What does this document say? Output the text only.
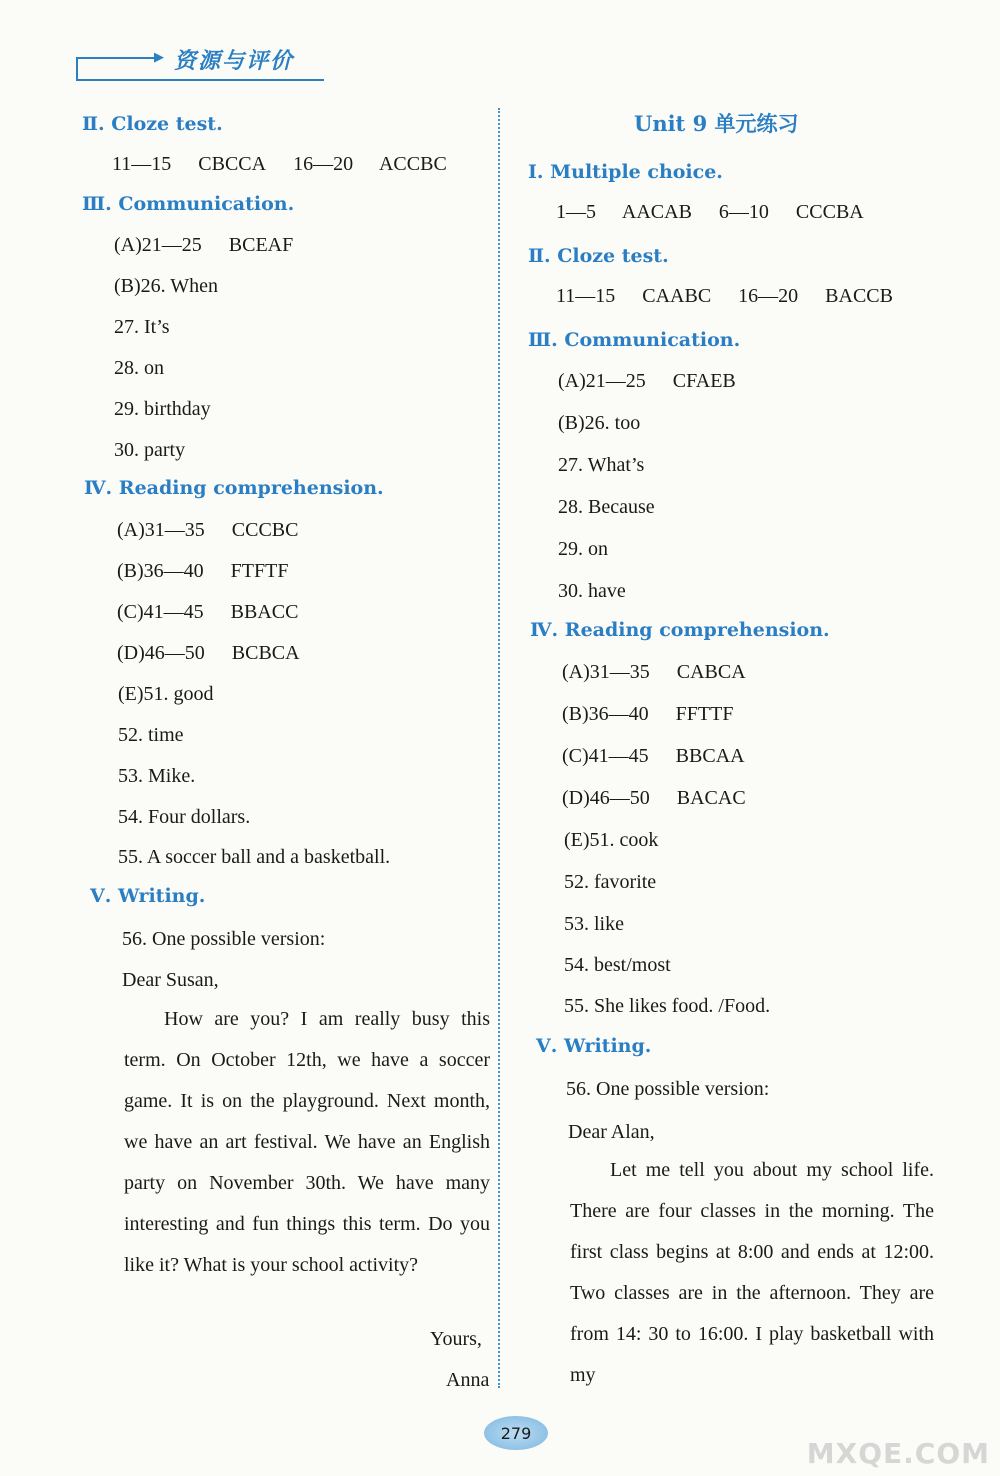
▶ 资源与评价
Ⅱ. Cloze test.
11—15 CBCCA 16—20 ACCBC
Ⅲ. Communication.
(A)21—25 BCEAF
(B)26. When
27. It’s
28. on
29. birthday
30. party
Ⅳ. Reading comprehension.
(A)31—35 CCCBC
(B)36—40 FTFTF
(C)41—45 BBACC
(D)46—50 BCBCA
(E)51. good
52. time
53. Mike.
54. Four dollars.
55. A soccer ball and a basketball.
Ⅴ. Writing.
56. One possible version:
Dear Susan,
How are you? I am really busy this term. On October 12th, we have a soccer game. It is on the playground. Next month, we have an art festival. We have an English party on November 30th. We have many interesting and fun things this term. Do you like it? What is your school activity?
Yours,
Anna
Unit 9 单元练习
Ⅰ. Multiple choice.
1—5 AACAB 6—10 CCCBA
Ⅱ. Cloze test.
11—15 CAABC 16—20 BACCB
Ⅲ. Communication.
(A)21—25 CFAEB
(B)26. too
27. What’s
28. Because
29. on
30. have
Ⅳ. Reading comprehension.
(A)31—35 CABCA
(B)36—40 FFTTF
(C)41—45 BBCAA
(D)46—50 BACAC
(E)51. cook
52. favorite
53. like
54. best/most
55. She likes food. /Food.
Ⅴ. Writing.
56. One possible version:
Dear Alan,
Let me tell you about my school life. There are four classes in the morning. The first class begins at 8:00 and ends at 12:00. Two classes are in the afternoon. They are from 14: 30 to 16:00. I play basketball with my
279
MXQE.COM
